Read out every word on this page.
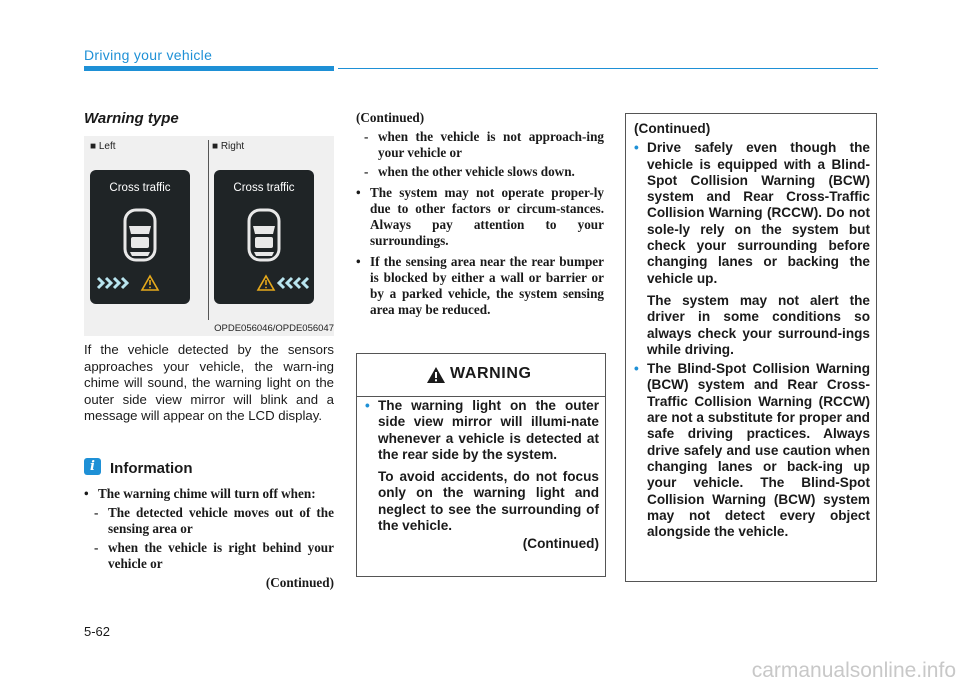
Driving your vehicle
Warning type
■ Left	■ Right
Cross traffic	Cross traffic
OPDE056046/OPDE056047
If the vehicle detected by the sensors approaches your vehicle, the warn-ing chime will sound, the warning light on the outer side view mirror will blink and a message will appear on the LCD display.
i	Information
• The warning chime will turn off when:
- The detected vehicle moves out of the sensing area or
- when the vehicle is right behind your vehicle or
(Continued)
(Continued)
- when the vehicle is not approach-ing your vehicle or
- when the other vehicle slows down.
• The system may not operate proper-ly due to other factors or circum-stances. Always pay attention to your surroundings.
• If the sensing area near the rear bumper is blocked by either a wall or barrier or by a parked vehicle, the system sensing area may be reduced.
WARNING
• The warning light on the outer side view mirror will illumi-nate whenever a vehicle is detected at the rear side by the system.
To avoid accidents, do not focus only on the warning light and neglect to see the surrounding of the vehicle.
(Continued)
(Continued)
• Drive safely even though the vehicle is equipped with a Blind-Spot Collision Warning (BCW) system and Rear Cross-Traffic Collision Warning (RCCW). Do not sole-ly rely on the system but check your surrounding before changing lanes or backing the vehicle up.
The system may not alert the driver in some conditions so always check your surround-ings while driving.
• The Blind-Spot Collision Warning (BCW) system and Rear Cross-Traffic Collision Warning (RCCW) are not a substitute for proper and safe driving practices. Always drive safely and use caution when changing lanes or back-ing up your vehicle. The Blind-Spot Collision Warning (BCW) system may not detect every object alongside the vehicle.
5-62
carmanualsonline.info
